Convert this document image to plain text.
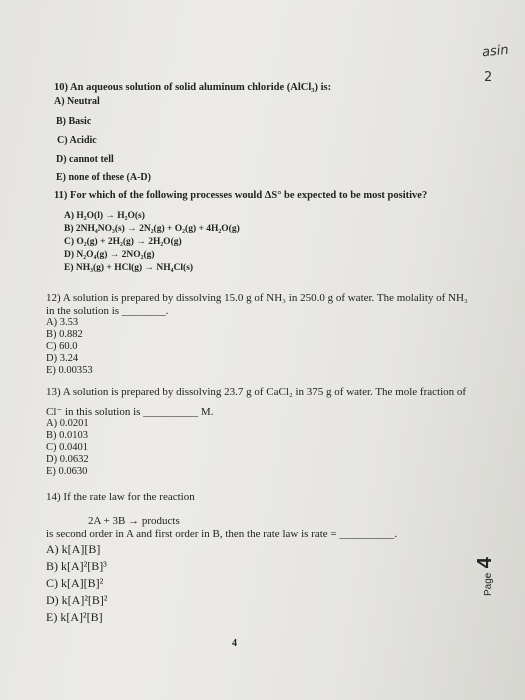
asin
2
10) An aqueous solution of solid aluminum chloride (AlCl₃) is:
A) Neutral
B) Basic
C) Acidic
D) cannot tell
E) none of these (A-D)
11) For which of the following processes would ΔS° be expected to be most positive?
A) H₂O(l) → H₂O(s)
B) 2NH₄NO₃(s) → 2N₂(g) + O₂(g) + 4H₂O(g)
C) O₂(g) + 2H₂(g) → 2H₂O(g)
D) N₂O₄(g) → 2NO₂(g)
E) NH₃(g) + HCl(g) → NH₄Cl(s)
12) A solution is prepared by dissolving 15.0 g of NH₃ in 250.0 g of water. The molality of NH₃
in the solution is ________.
A) 3.53
B) 0.882
C) 60.0
D) 3.24
E) 0.00353
13) A solution is prepared by dissolving 23.7 g of CaCl₂ in 375 g of water. The mole fraction of
Cl⁻ in this solution is __________ M.
A) 0.0201
B) 0.0103
C) 0.0401
D) 0.0632
E) 0.0630
14) If the rate law for the reaction
2A + 3B → products
is second order in A and first order in B, then the rate law is rate = __________.
A) k[A][B]
B) k[A]²[B]³
C) k[A][B]²
D) k[A]²[B]²
E) k[A]²[B]
4
Page 4
